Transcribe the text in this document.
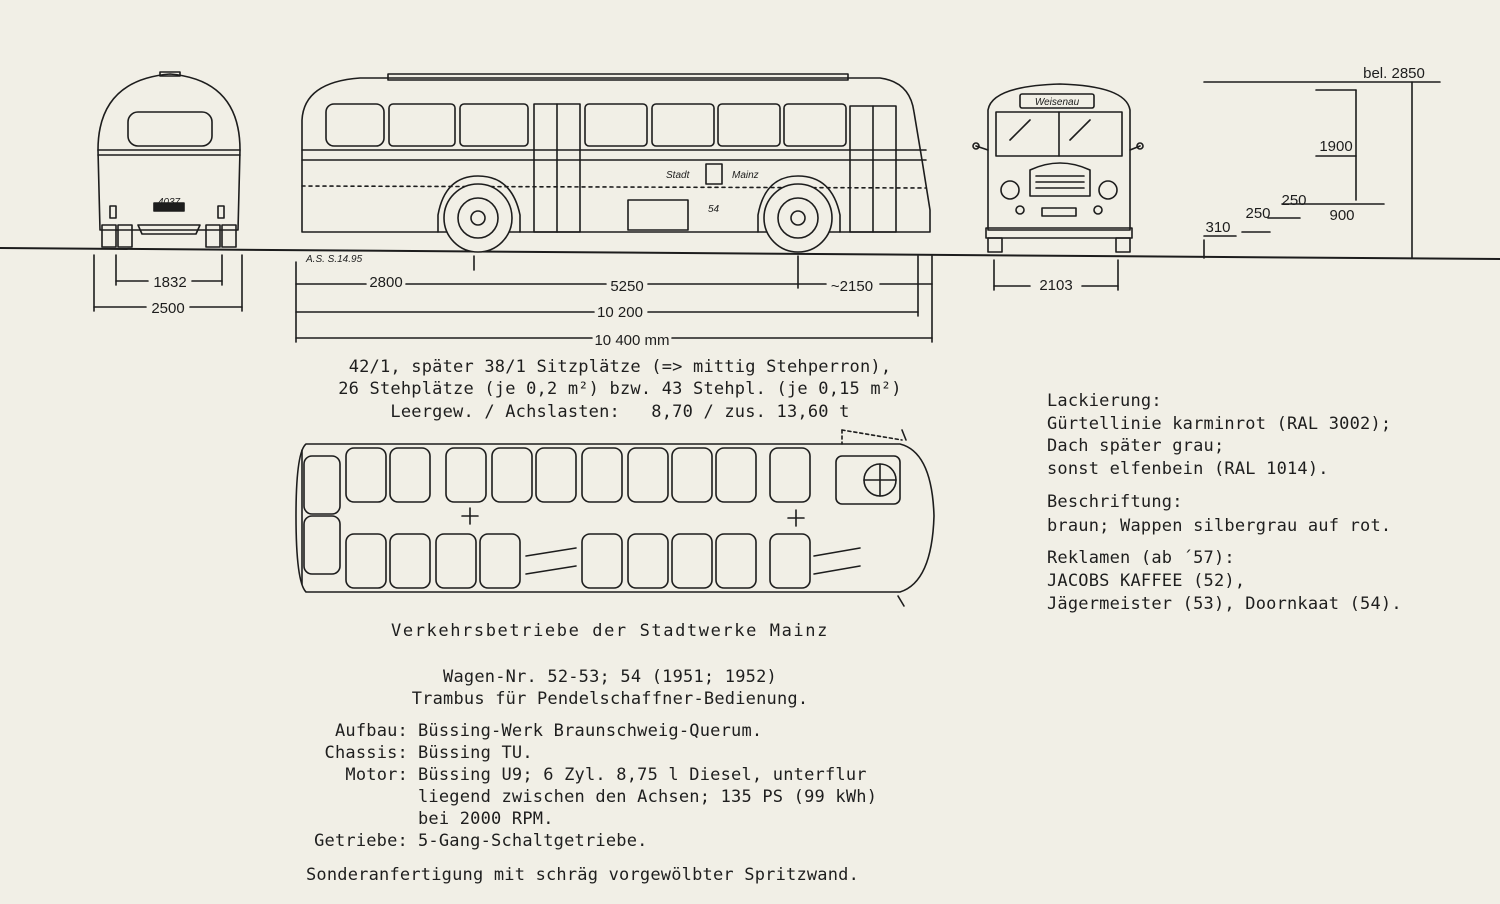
Stadt	Mainz
54
A.S. S.14.95
Weisenau
4037
1832
2500
2800	5250	~2150
10 200
10 400 mm
2103
bel. 2850
1900
310
250
250
900
42/1, später 38/1 Sitzplätze (=> mittig Stehperron),
26 Stehplätze (je 0,2 m²) bzw. 43 Stehpl. (je 0,15 m²)
Leergew. / Achslasten:   8,70 / zus. 13,60 t
Verkehrsbetriebe der Stadtwerke Mainz
Wagen-Nr. 52-53; 54 (1951; 1952)
Trambus für Pendelschaffner-Bedienung.
Aufbau: Büssing-Werk Braunschweig-Querum.
Chassis: Büssing TU.
Motor: Büssing U9; 6 Zyl. 8,75 l Diesel, unterflur
liegend zwischen den Achsen; 135 PS (99 kWh)
bei 2000 RPM.
Getriebe: 5-Gang-Schaltgetriebe.
Sonderanfertigung mit schräg vorgewölbter Spritzwand.
Lackierung:
Gürtellinie karminrot (RAL 3002);
Dach später grau;
sonst elfenbein (RAL 1014).
Beschriftung:
braun; Wappen silbergrau auf rot.
Reklamen (ab ´57):
JACOBS KAFFEE (52),
Jägermeister (53), Doornkaat (54).
